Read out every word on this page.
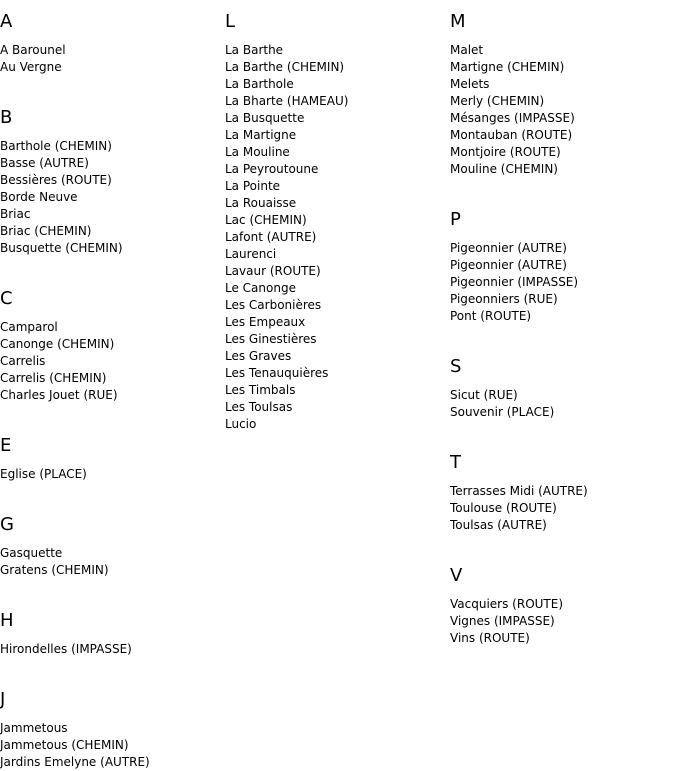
A
A Barounel
Au Vergne
B
Barthole (CHEMIN)
Basse (AUTRE)
Bessières (ROUTE)
Borde Neuve
Briac
Briac (CHEMIN)
Busquette (CHEMIN)
C
Camparol
Canonge (CHEMIN)
Carrelis
Carrelis (CHEMIN)
Charles Jouet (RUE)
E
Eglise (PLACE)
G
Gasquette
Gratens (CHEMIN)
H
Hirondelles (IMPASSE)
J
Jammetous
Jammetous (CHEMIN)
Jardins Emelyne (AUTRE)
L
La Barthe
La Barthe (CHEMIN)
La Barthole
La Bharte (HAMEAU)
La Busquette
La Martigne
La Mouline
La Peyroutoune
La Pointe
La Rouaisse
Lac (CHEMIN)
Lafont (AUTRE)
Laurenci
Lavaur (ROUTE)
Le Canonge
Les Carbonières
Les Empeaux
Les Ginestières
Les Graves
Les Tenauquières
Les Timbals
Les Toulsas
Lucio
M
Malet
Martigne (CHEMIN)
Melets
Merly (CHEMIN)
Mésanges (IMPASSE)
Montauban (ROUTE)
Montjoire (ROUTE)
Mouline (CHEMIN)
P
Pigeonnier (AUTRE)
Pigeonnier (AUTRE)
Pigeonnier (IMPASSE)
Pigeonniers (RUE)
Pont (ROUTE)
S
Sicut (RUE)
Souvenir (PLACE)
T
Terrasses Midi (AUTRE)
Toulouse (ROUTE)
Toulsas (AUTRE)
V
Vacquiers (ROUTE)
Vignes (IMPASSE)
Vins (ROUTE)
